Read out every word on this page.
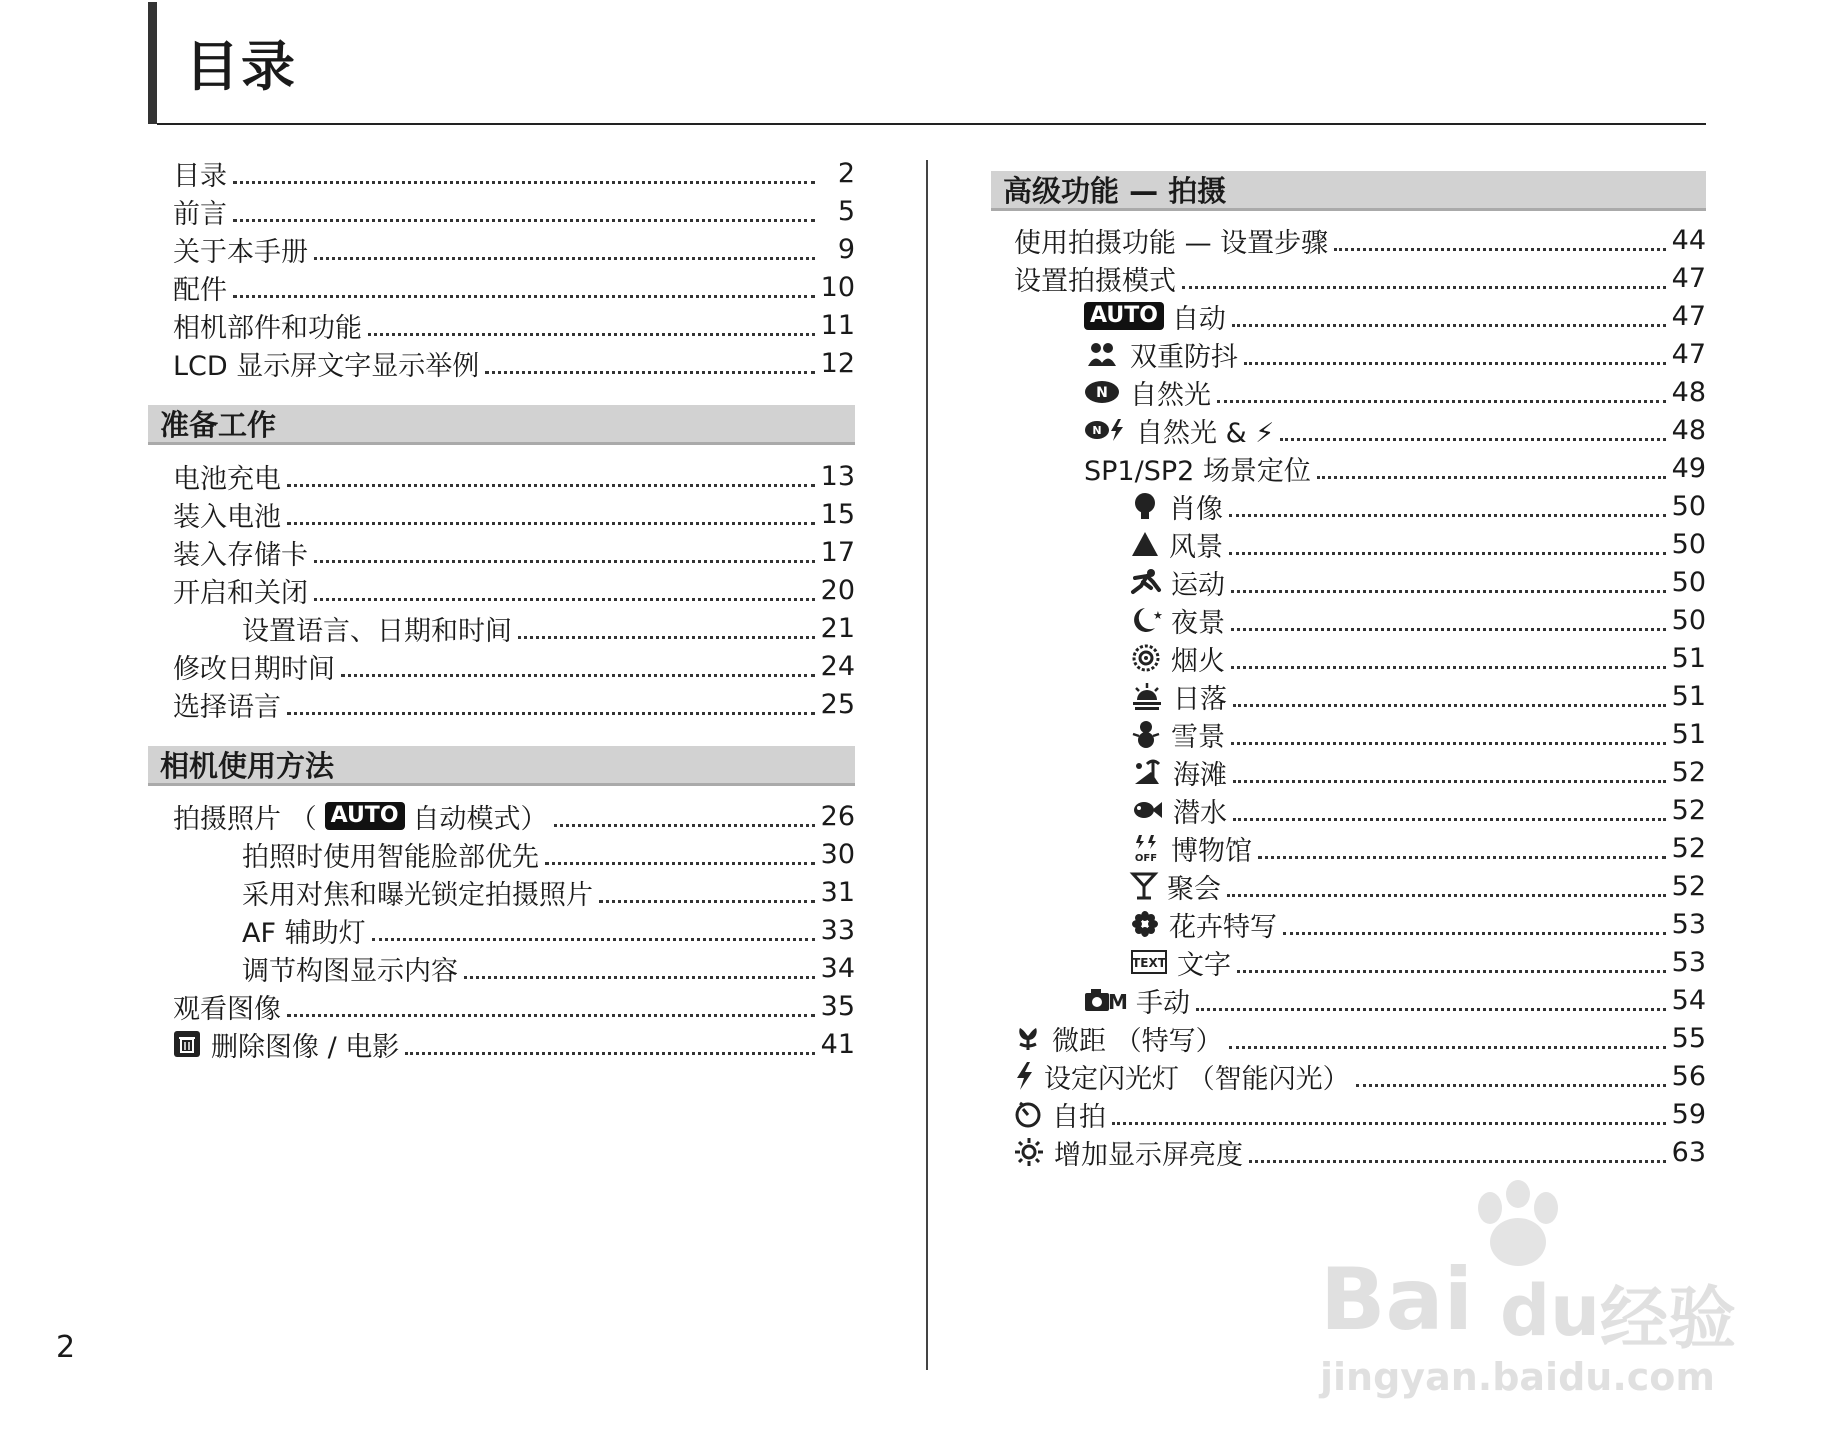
目录
目录	2
前言	5
关于本手册	9
配件	10
相机部件和功能	11
LCD 显示屏文字显示举例	12
准备工作
电池充电	13
装入电池	15
装入存储卡	17
开启和关闭	20
设置语言、日期和时间	21
修改日期时间	24
选择语言	25
相机使用方法
拍摄照片 （ AUTO 自动模式）	26
拍照时使用智能脸部优先	30
采用对焦和曝光锁定拍摄照片	31
AF 辅助灯	33
调节构图显示内容	34
观看图像	35
删除图像 / 电影	41
高级功能 — 拍摄
使用拍摄功能 — 设置步骤	44
设置拍摄模式	47
AUTO 自动	47
双重防抖	47
N 自然光	48
N 自然光 & ⚡	48
SP1/SP2 场景定位	49
肖像	50
风景	50
运动	50
★ 夜景	50
烟火	51
日落	51
雪景	51
海滩	52
潜水	52
OFF 博物馆	52
聚会	52
花卉特写	53
TEXT 文字	53
M 手动	54
微距 （特写）	55
设定闪光灯 （智能闪光）	56
自拍	59
增加显示屏亮度	63
2	Bai du 经验
jingyan.baidu.com
